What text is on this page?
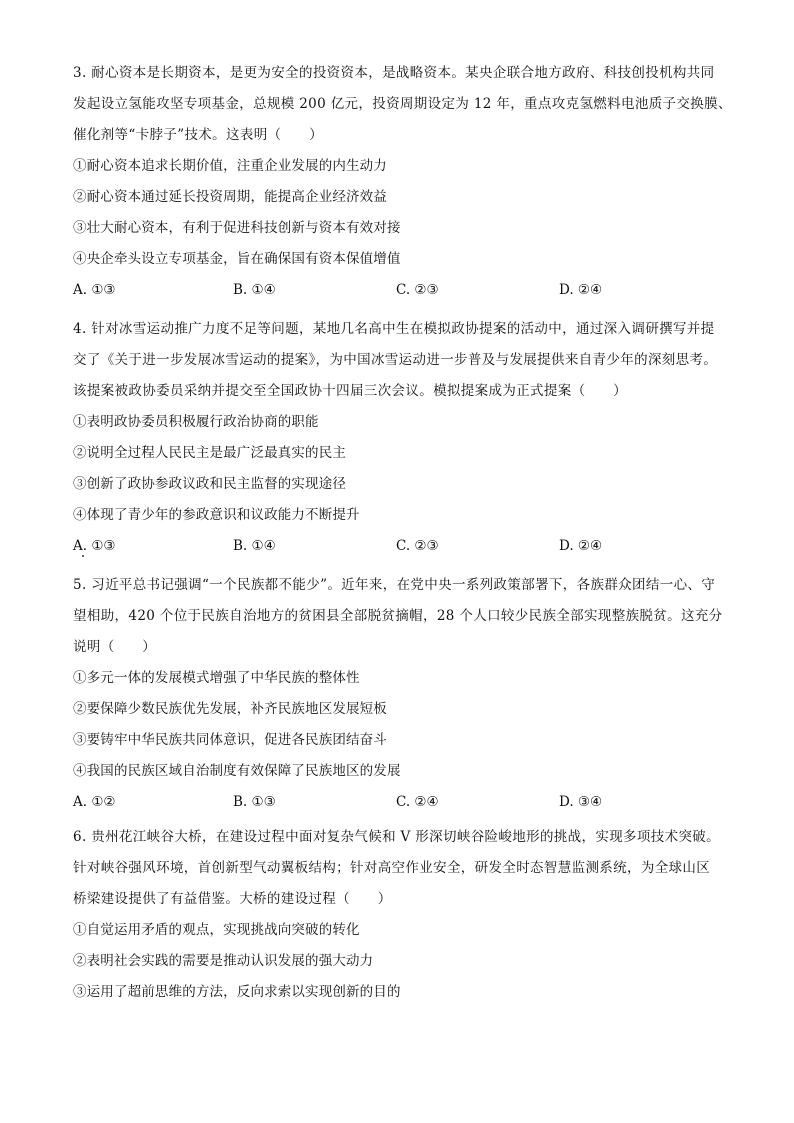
3. 耐心资本是长期资本，是更为安全的投资资本，是战略资本。某央企联合地方政府、科技创投机构共同
发起设立氢能攻坚专项基金，总规模 200 亿元，投资周期设定为 12 年，重点攻克氢燃料电池质子交换膜、
催化剂等“卡脖子”技术。这表明（　　）
①耐心资本追求长期价值，注重企业发展的内生动力
②耐心资本通过延长投资周期，能提高企业经济效益
③壮大耐心资本，有利于促进科技创新与资本有效对接
④央企牵头设立专项基金，旨在确保国有资本保值增值
A. ①③	B. ①④	C. ②③	D. ②④
4. 针对冰雪运动推广力度不足等问题，某地几名高中生在模拟政协提案的活动中，通过深入调研撰写并提
交了《关于进一步发展冰雪运动的提案》，为中国冰雪运动进一步普及与发展提供来自青少年的深刻思考。
该提案被政协委员采纳并提交至全国政协十四届三次会议。模拟提案成为正式提案（　　）
①表明政协委员积极履行政治协商的职能
②说明全过程人民民主是最广泛最真实的民主
③创新了政协参政议政和民主监督的实现途径
④体现了青少年的参政意识和议政能力不断提升
A. ①③	B. ①④	C. ②③	D. ②④
5. 习近平总书记强调“一个民族都不能少”。近年来，在党中央一系列政策部署下，各族群众团结一心、守
望相助，420 个位于民族自治地方的贫困县全部脱贫摘帽，28 个人口较少民族全部实现整族脱贫。这充分
说明（　　）
①多元一体的发展模式增强了中华民族的整体性
②要保障少数民族优先发展，补齐民族地区发展短板
③要铸牢中华民族共同体意识，促进各民族团结奋斗
④我国的民族区域自治制度有效保障了民族地区的发展
A. ①②	B. ①③	C. ②④	D. ③④
6. 贵州花江峡谷大桥，在建设过程中面对复杂气候和 V 形深切峡谷险峻地形的挑战，实现多项技术突破。
针对峡谷强风环境，首创新型气动翼板结构；针对高空作业安全，研发全时态智慧监测系统，为全球山区
桥梁建设提供了有益借鉴。大桥的建设过程（　　）
①自觉运用矛盾的观点，实现挑战向突破的转化
②表明社会实践的需要是推动认识发展的强大动力
③运用了超前思维的方法，反向求索以实现创新的目的
